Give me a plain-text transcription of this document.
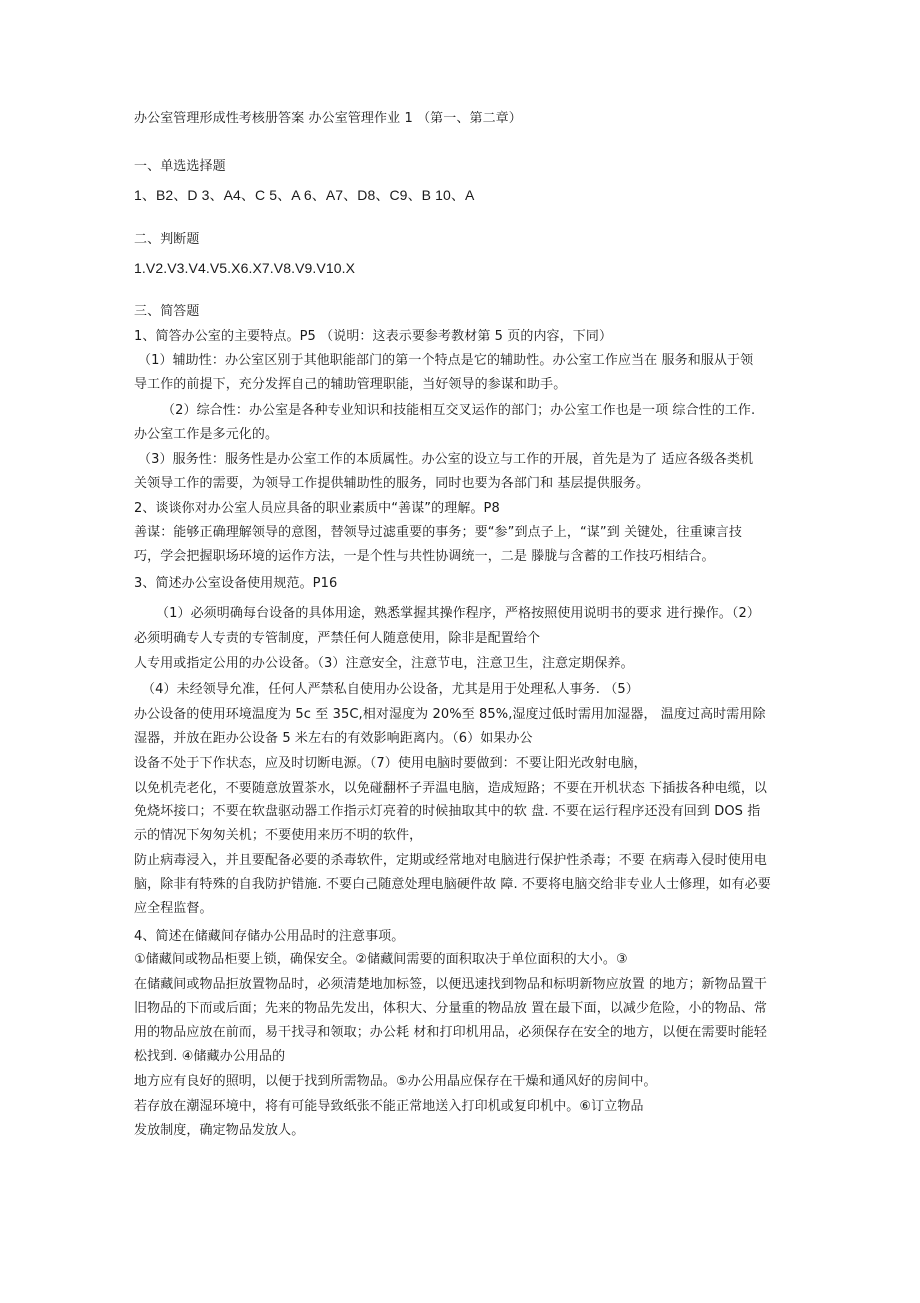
办公室管理形成性考核册答案 办公室管理作业 1 （第一、第二章）
一、单选选择题
1、B2、D 3、A4、C 5、A 6、A7、D8、C9、B 10、A
二、判断题
1.V2.V3.V4.V5.X6.X7.V8.V9.V10.X
三、简答题
1、简答办公室的主要特点。P5 （说明：这表示要参考教材第 5 页的内容，下同）
（1）辅助性：办公室区别于其他职能部门的第一个特点是它的辅助性。办公室工作应当在 服务和服从于领
导工作的前提下，充分发挥自己的辅助管理职能，当好领导的参谋和助手。
（2）综合性：办公室是各种专业知识和技能相互交叉运作的部门；办公室工作也是一项 综合性的工作.
办公室工作是多元化的。
（3）服务性：服务性是办公室工作的本质属性。办公室的设立与工作的开展，首先是为了 适应各级各类机
关领导工作的需要，为领导工作提供辅助性的服务，同时也要为各部门和 基层提供服务。
2、谈谈你对办公室人员应具备的职业素质中“善谋”的理解。P8
善谋：能够正确理解领导的意图，替领导过滤重要的事务；要“参”到点子上，“谋”到 关键处，往重谏言技
巧，学会把握职场环境的运作方法，一是个性与共性协调统一，二是 滕胧与含蓄的工作技巧相结合。
3、简述办公室设备使用规范。P16
（1）必须明确每台设备的具体用途，熟悉掌握其操作程序，严格按照使用说明书的要求 进行操作。（2）
必须明确专人专责的专管制度，严禁任何人随意使用，除非是配置给个
人专用或指定公用的办公设备。（3）注意安全，注意节电，注意卫生，注意定期保养。
（4）未经领导允准，任何人严禁私自使用办公设备，尤其是用于处理私人事务. （5）
办公设备的使用环境温度为 5c 至 35C,相对湿度为 20%至 85%,湿度过低时需用加湿器， 温度过高时需用除
湿器，并放在距办公设备 5 米左右的有效影响距离内。（6）如果办公
设备不处于下作状态，应及时切断电源。（7）使用电脑时要做到：不要让阳光改射电脑，
以免机壳老化，不要随意放置茶水，以免碰翻杯子弄温电脑，造成短路；不要在开机状态 下插拔各种电缆，以
免烧坏接口；不要在软盘驱动器工作指示灯亮着的时候抽取其中的软 盘. 不要在运行程序还没有回到 DOS 指
示的情况下匆匆关机；不要使用来历不明的软件，
防止病毒浸入，并且要配备必要的杀毒软件，定期或经常地对电脑进行保护性杀毒；不要 在病毒入侵时使用电
脑，除非有特殊的自我防护错施. 不要白己随意处理电脑硬件故 障. 不要将电脑交给非专业人士修理，如有必要
应全程监督。
4、简述在储藏间存储办公用品时的注意事项。
①储藏间或物品柜要上锁，确保安全。②储藏间需要的面积取决于单位面积的大小。③
在储藏间或物品拒放置物品时，必须清楚地加标签，以便迅速找到物品和标明新物应放置 的地方；新物品置干
旧物品的下而或后面；先来的物品先发出，体积大、分量重的物品放 置在最下面，以减少危险，小的物品、常
用的物品应放在前而，易干找寻和领取；办公耗 材和打印机用品，必须保存在安全的地方，以便在需要时能轻
松找到. ④储藏办公用品的
地方应有良好的照明，以便于找到所需物品。⑤办公用晶应保存在干燥和通风好的房间中。
若存放在潮湿环境中，将有可能导致纸张不能正常地送入打印机或复印机中。⑥订立物品
发放制度，确定物品发放人。
